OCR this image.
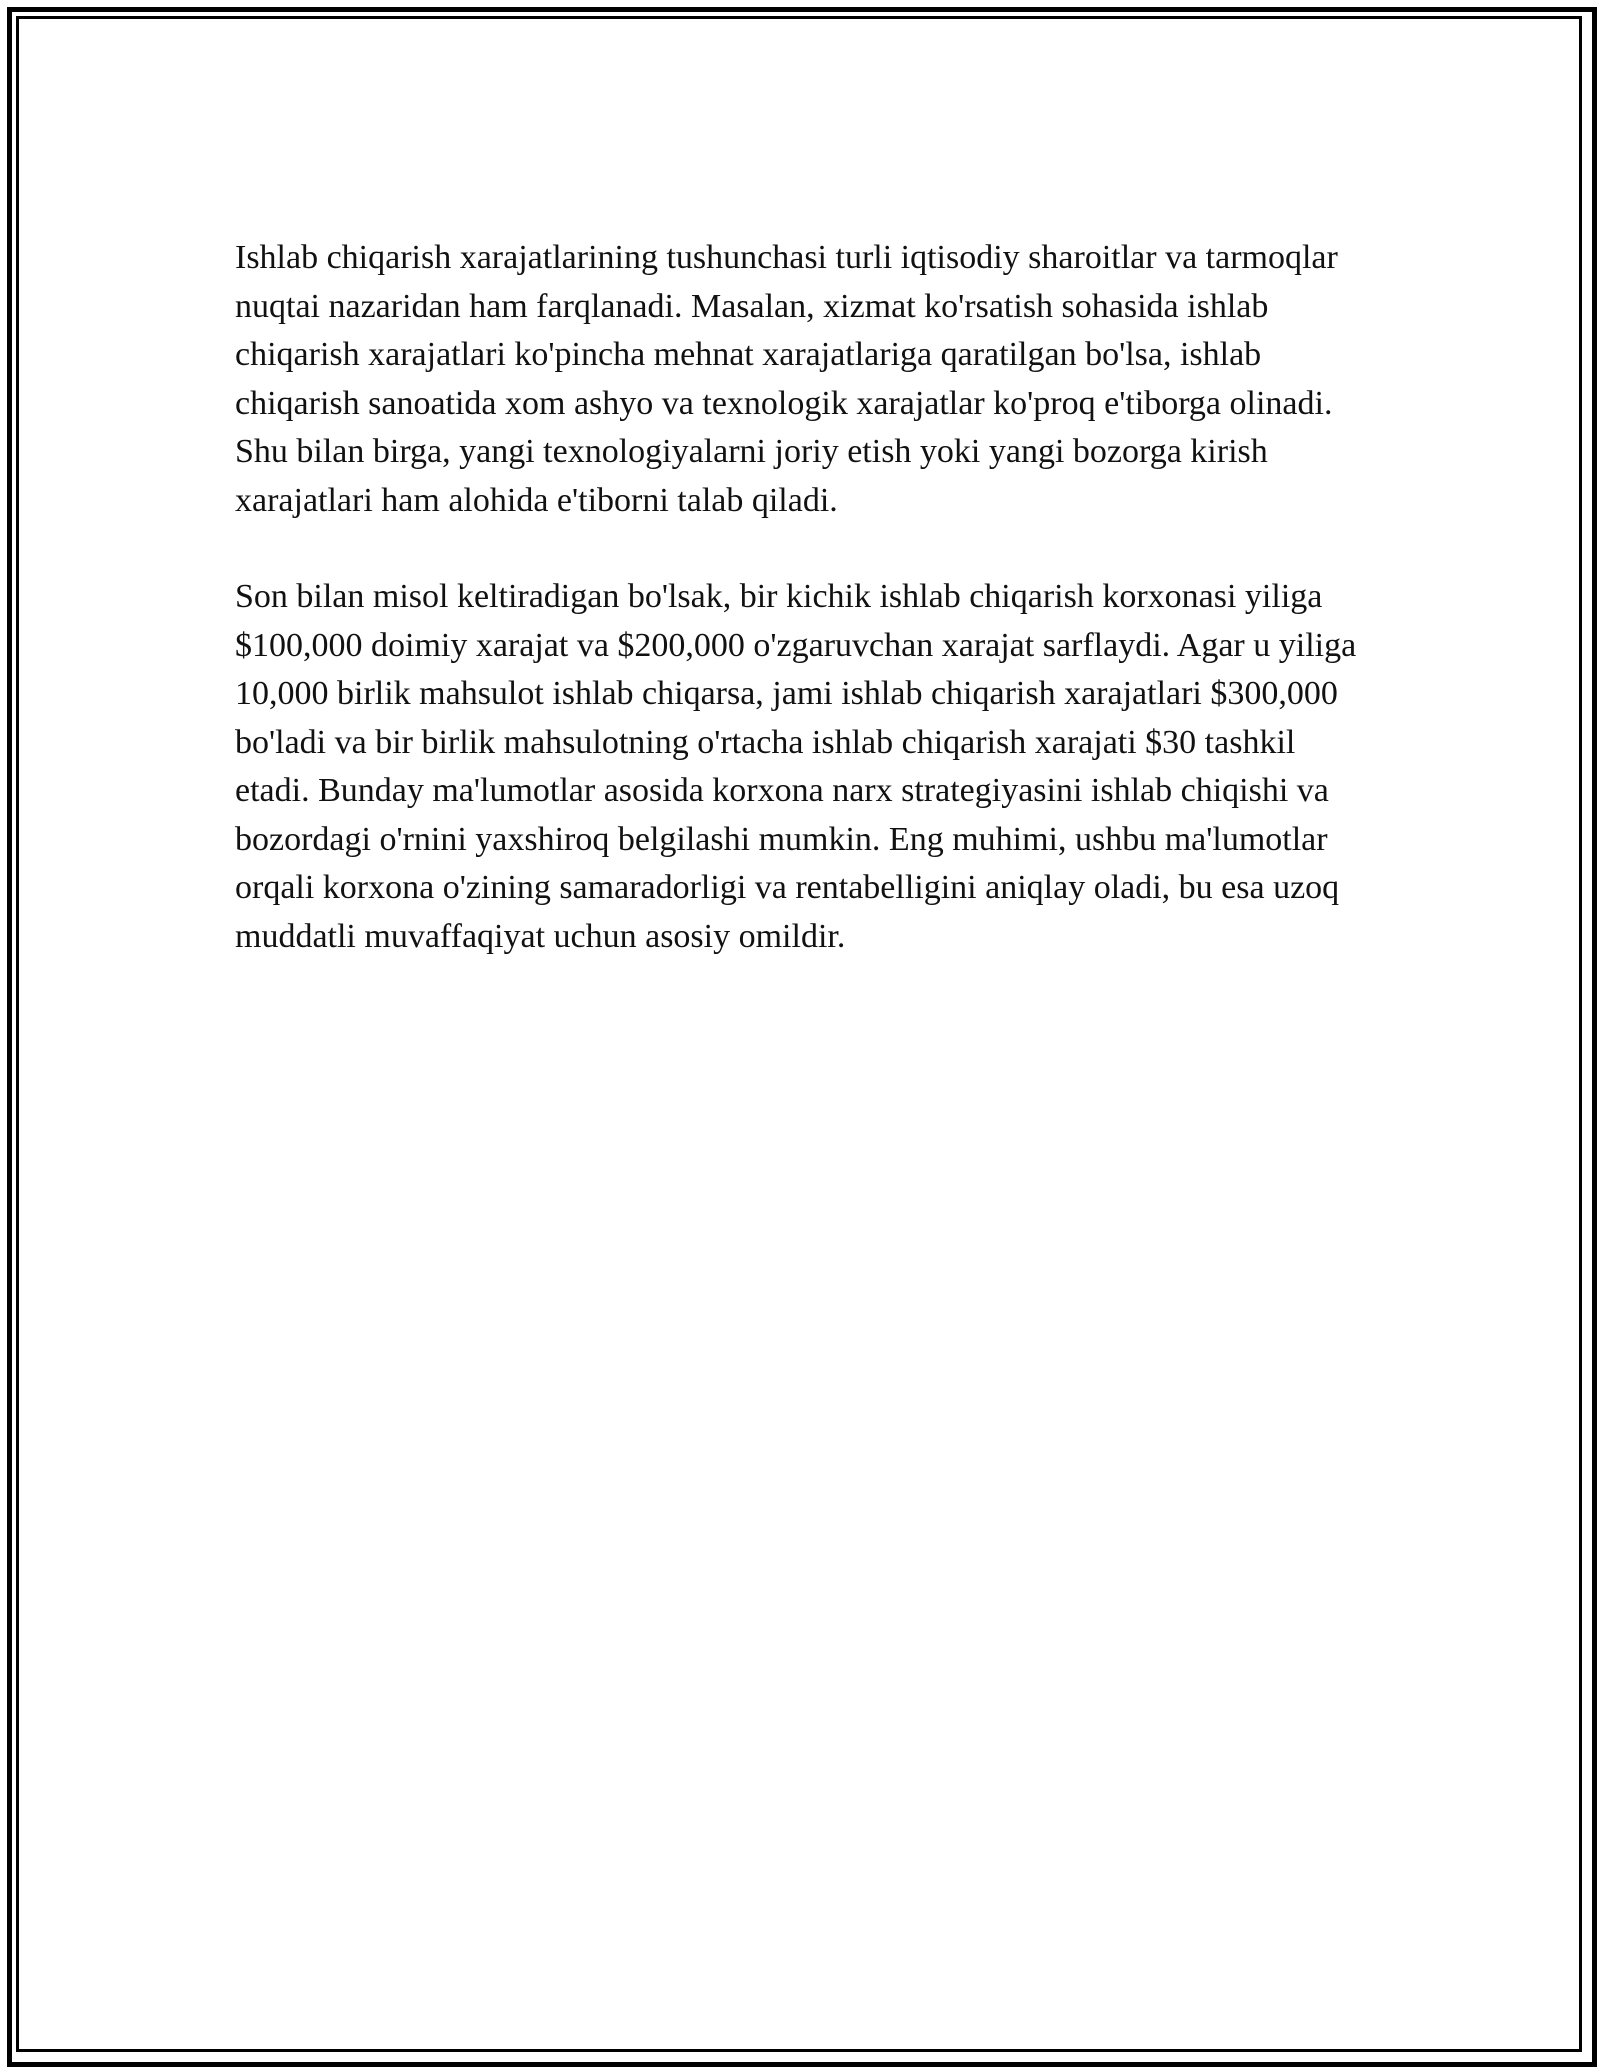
Ishlab chiqarish xarajatlarining tushunchasi turli iqtisodiy sharoitlar va tarmoqlar nuqtai nazaridan ham farqlanadi. Masalan, xizmat ko'rsatish sohasida ishlab chiqarish xarajatlari ko'pincha mehnat xarajatlariga qaratilgan bo'lsa, ishlab chiqarish sanoatida xom ashyo va texnologik xarajatlar ko'proq e'tiborga olinadi. Shu bilan birga, yangi texnologiyalarni joriy etish yoki yangi bozorga kirish xarajatlari ham alohida e'tiborni talab qiladi.

Son bilan misol keltiradigan bo'lsak, bir kichik ishlab chiqarish korxonasi yiliga $100,000 doimiy xarajat va $200,000 o'zgaruvchan xarajat sarflaydi. Agar u yiliga 10,000 birlik mahsulot ishlab chiqarsa, jami ishlab chiqarish xarajatlari $300,000 bo'ladi va bir birlik mahsulotning o'rtacha ishlab chiqarish xarajati $30 tashkil etadi. Bunday ma'lumotlar asosida korxona narx strategiyasini ishlab chiqishi va bozordagi o'rnini yaxshiroq belgilashi mumkin. Eng muhimi, ushbu ma'lumotlar orqali korxona o'zining samaradorligi va rentabelligini aniqlay oladi, bu esa uzoq muddatli muvaffaqiyat uchun asosiy omildir.
